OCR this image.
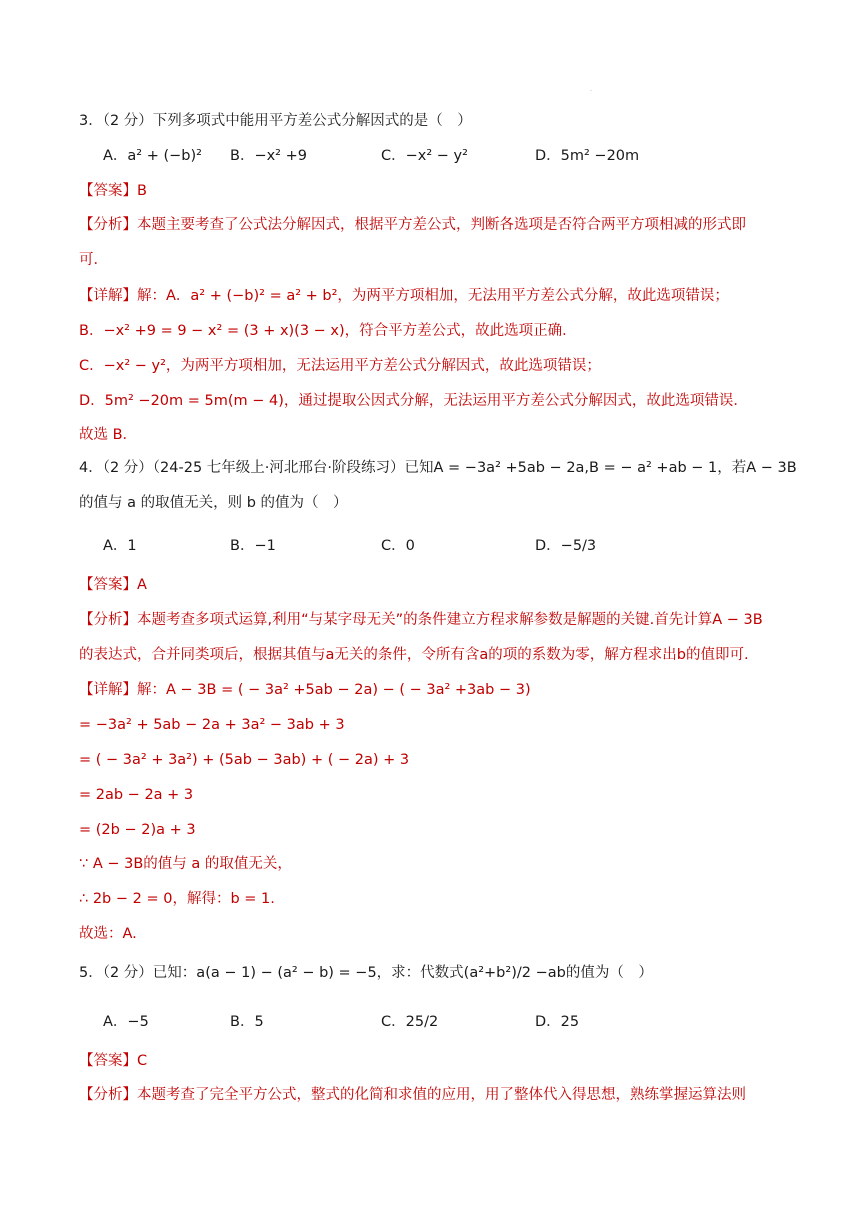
.
3．（2 分）下列多项式中能用平方差公式分解因式的是（　）
A．a² + (−b)² B．−x² +9	C．−x² − y²	D．5m² −20m
【答案】B
【分析】本题主要考查了公式法分解因式，根据平方差公式，判断各选项是否符合两平方项相减的形式即
可．
【详解】解：A．a² + (−b)² = a² + b²，为两平方项相加，无法用平方差公式分解，故此选项错误；
B．−x² +9 = 9 − x² = (3 + x)(3 − x)，符合平方差公式，故此选项正确．
C．−x² − y²，为两平方项相加，无法运用平方差公式分解因式，故此选项错误；
D．5m² −20m = 5m(m − 4)，通过提取公因式分解，无法运用平方差公式分解因式，故此选项错误．
故选 B．
4．（2 分）（24-25 七年级上·河北邢台·阶段练习）已知A = −3a² +5ab − 2a,B = − a² +ab − 1，若A − 3B
的值与 a 的取值无关，则 b 的值为（　）
A．1	B．−1	C．0	D．−5/3
【答案】A
【分析】本题考查多项式运算,利用“与某字母无关”的条件建立方程求解参数是解题的关键.首先计算A − 3B
的表达式，合并同类项后，根据其值与a无关的条件，令所有含a的项的系数为零，解方程求出b的值即可.
【详解】解：A − 3B = ( − 3a² +5ab − 2a) − ( − 3a² +3ab − 3)
= −3a² + 5ab − 2a + 3a² − 3ab + 3
= ( − 3a² + 3a²) + (5ab − 3ab) + ( − 2a) + 3
= 2ab − 2a + 3
= (2b − 2)a + 3
∵ A − 3B的值与 a 的取值无关，
∴ 2b − 2 = 0，解得：b = 1.
故选：A.
5．（2 分）已知：a(a − 1) − (a² − b) = −5，求：代数式(a²+b²)/2 −ab的值为（　）
A．−5	B．5	C．25/2	D．25
【答案】C
【分析】本题考查了完全平方公式，整式的化简和求值的应用，用了整体代入得思想，熟练掌握运算法则
